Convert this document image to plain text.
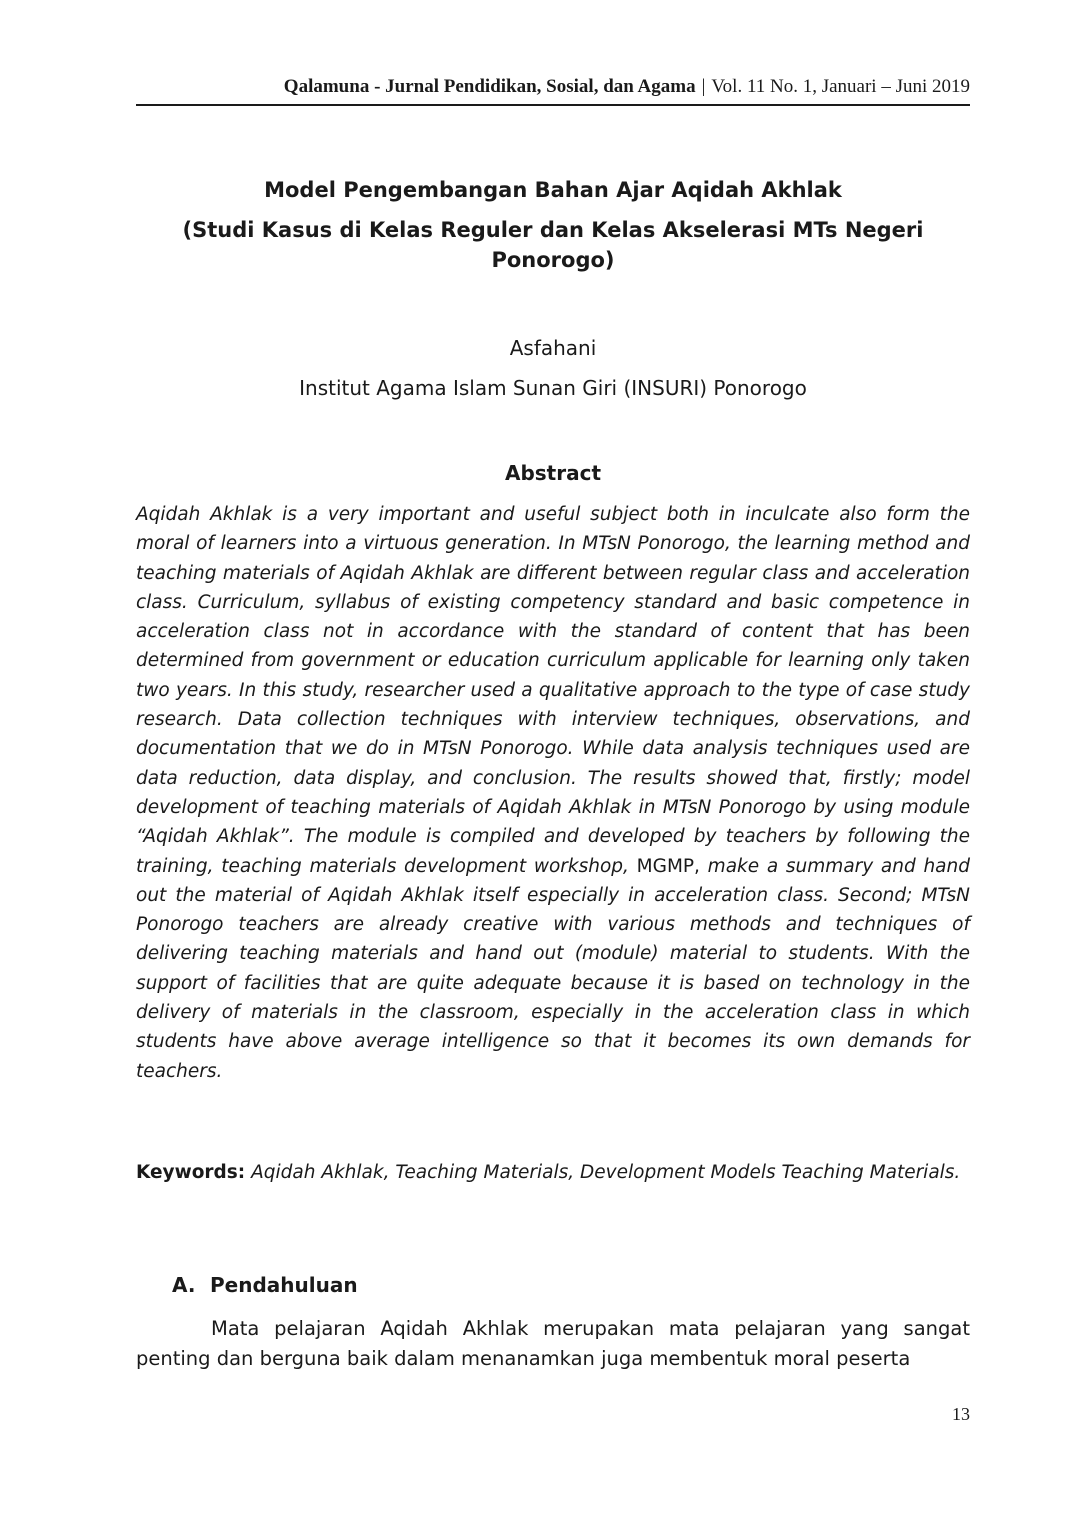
Qalamuna - Jurnal Pendidikan, Sosial, dan Agama | Vol. 11 No. 1, Januari – Juni 2019
Model Pengembangan Bahan Ajar Aqidah Akhlak
(Studi Kasus di Kelas Reguler dan Kelas Akselerasi MTs Negeri Ponorogo)
Asfahani
Institut Agama Islam Sunan Giri (INSURI) Ponorogo
Abstract

Aqidah Akhlak is a very important and useful subject both in inculcate also form the moral of learners into a virtuous generation. In MTsN Ponorogo, the learning method and teaching materials of Aqidah Akhlak are different between regular class and acceleration class. Curriculum, syllabus of existing competency standard and basic competence in acceleration class not in accordance with the standard of content that has been determined from government or education curriculum applicable for learning only taken two years. In this study, researcher used a qualitative approach to the type of case study research. Data collection techniques with interview techniques, observations, and documentation that we do in MTsN Ponorogo. While data analysis techniques used are data reduction, data display, and conclusion. The results showed that, firstly; model development of teaching materials of Aqidah Akhlak in MTsN Ponorogo by using module “Aqidah Akhlak”. The module is compiled and developed by teachers by following the training, teaching materials development workshop, MGMP, make a summary and hand out the material of Aqidah Akhlak itself especially in acceleration class. Second; MTsN Ponorogo teachers are already creative with various methods and techniques of delivering teaching materials and hand out (module) material to students. With the support of facilities that are quite adequate because it is based on technology in the delivery of materials in the classroom, especially in the acceleration class in which students have above average intelligence so that it becomes its own demands for teachers.

Keywords: Aqidah Akhlak, Teaching Materials, Development Models Teaching Materials.

A. Pendahuluan

Mata pelajaran Aqidah Akhlak merupakan mata pelajaran yang sangat penting dan berguna baik dalam menanamkan juga membentuk moral peserta

13
